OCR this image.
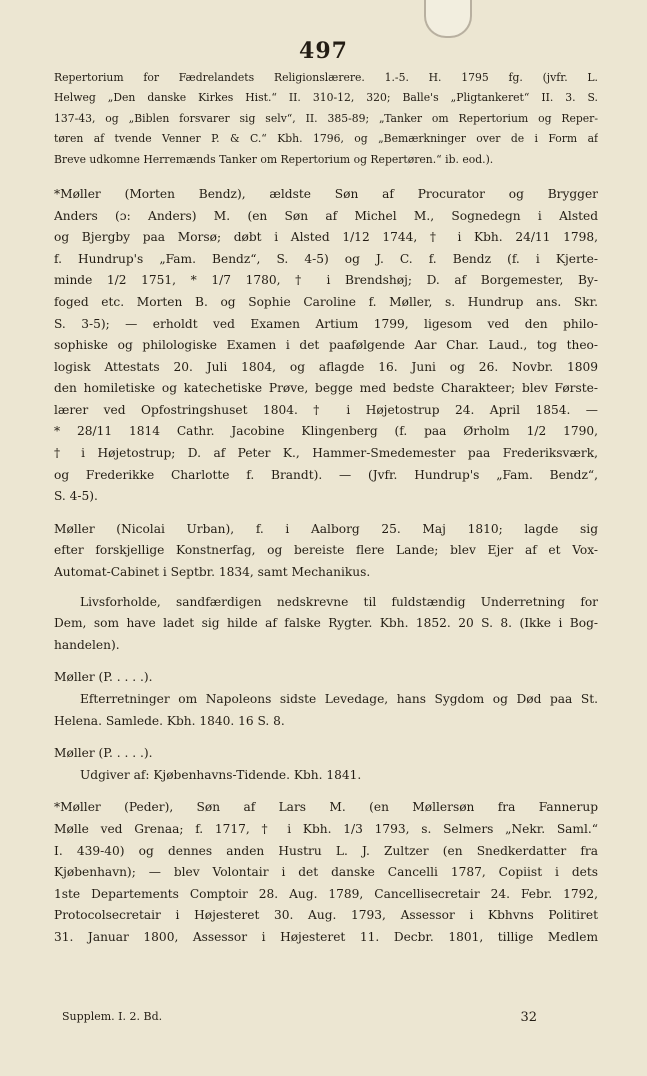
497
Repertorium for Fædrelandets Religionslærere. 1.-5. H. 1795 fg. (jvfr. L.
Helweg „Den danske Kirkes Hist.“ II. 310-12, 320; Balle's „Pligtankeret“ II. 3. S.
137-43, og „Biblen forsvarer sig selv“, II. 385-89; „Tanker om Repertorium og Reper-
tøren af tvende Venner P. & C.“ Kbh. 1796, og „Bemærkninger over de i Form af
Breve udkomne Herremænds Tanker om Repertorium og Repertøren.“ ib. eod.).
*Møller (Morten Bendz), ældste Søn af Procurator og Brygger
Anders (ɔ: Anders) M. (en Søn af Michel M., Sognedegn i Alsted
og Bjergby paa Morsø; døbt i Alsted 1/12 1744, † i Kbh. 24/11 1798,
f. Hundrup's „Fam. Bendz“, S. 4-5) og J. C. f. Bendz (f. i Kjerte-
minde 1/2 1751, * 1/7 1780, † i Brendshøj; D. af Borgemester, By-
foged etc. Morten B. og Sophie Caroline f. Møller, s. Hundrup ans. Skr.
S. 3-5); — erholdt ved Examen Artium 1799, ligesom ved den philo-
sophiske og philologiske Examen i det paafølgende Aar Char. Laud., tog theo-
logisk Attestats 20. Juli 1804, og aflagde 16. Juni og 26. Novbr. 1809
den homiletiske og katechetiske Prøve, begge med bedste Charakteer; blev Første-
lærer ved Opfostringshuset 1804. † i Højetostrup 24. April 1854. —
* 28/11 1814 Cathr. Jacobine Klingenberg (f. paa Ørholm 1/2 1790,
† i Højetostrup; D. af Peter K., Hammer-Smedemester paa Frederiksværk,
og Frederikke Charlotte f. Brandt). — (Jvfr. Hundrup's „Fam. Bendz“,
S. 4-5).
Møller (Nicolai Urban), f. i Aalborg 25. Maj 1810; lagde sig
efter forskjellige Konstnerfag, og bereiste flere Lande; blev Ejer af et Vox-
Automat-Cabinet i Septbr. 1834, samt Mechanikus.
Livsforholde, sandfærdigen nedskrevne til fuldstændig Underretning for
Dem, som have ladet sig hilde af falske Rygter. Kbh. 1852. 20 S. 8. (Ikke i Bog-
handelen).
Møller (P. . . . .).
Efterretninger om Napoleons sidste Levedage, hans Sygdom og Død paa St.
Helena. Samlede. Kbh. 1840. 16 S. 8.
Møller (P. . . . .).
Udgiver af: Kjøbenhavns-Tidende. Kbh. 1841.
*Møller (Peder), Søn af Lars M. (en Møllersøn fra Fannerup
Mølle ved Grenaa; f. 1717, † i Kbh. 1/3 1793, s. Selmers „Nekr. Saml.“
I. 439-40) og dennes anden Hustru L. J. Zultzer (en Snedkerdatter fra
Kjøbenhavn); — blev Volontair i det danske Cancelli 1787, Copiist i dets
1ste Departements Comptoir 28. Aug. 1789, Cancellisecretair 24. Febr. 1792,
Protocolsecretair i Højesteret 30. Aug. 1793, Assessor i Kbhvns Politiret
31. Januar 1800, Assessor i Højesteret 11. Decbr. 1801, tillige Medlem
Supplem. I. 2. Bd.	32
